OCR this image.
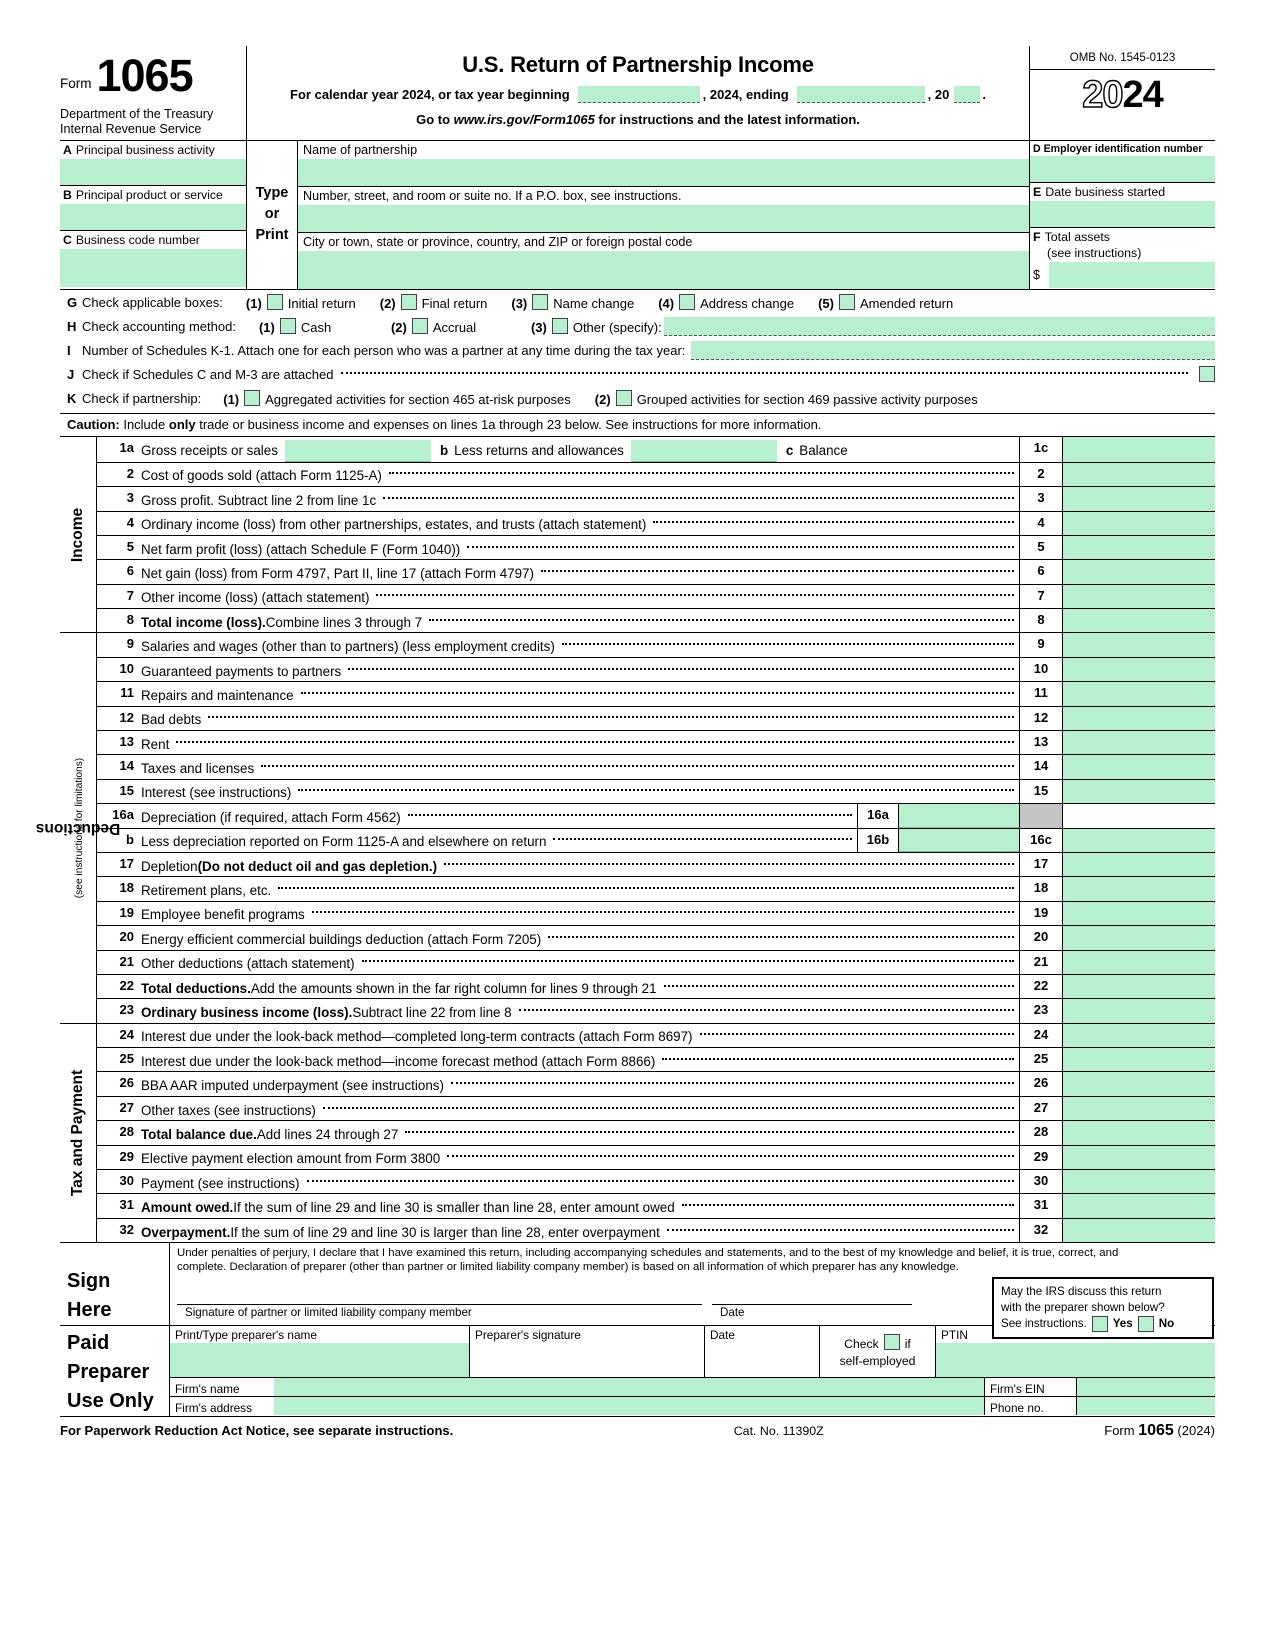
Form 1065
Department of the Treasury
Internal Revenue Service
U.S. Return of Partnership Income
For calendar year 2024, or tax year beginning	, 2024, ending	, 20	.
Go to www.irs.gov/Form1065 for instructions and the latest information.
OMB No. 1545-0123
2024
A Principal business activity
B Principal product or service
C Business code number
Type
or
Print
Name of partnership
Number, street, and room or suite no. If a P.O. box, see instructions.
City or town, state or province, country, and ZIP or foreign postal code
D Employer identification number
E Date business started
F Total assets
(see instructions)
$
G Check applicable boxes: (1) Initial return (2) Final return (3) Name change (4) Address change (5) Amended return
H Check accounting method: (1) Cash	(2) Accrual	(3) Other (specify):
I Number of Schedules K-1. Attach one for each person who was a partner at any time during the tax year:
J Check if Schedules C and M-3 are attached
K Check if partnership: (1) Aggregated activities for section 465 at-risk purposes (2) Grouped activities for section 469 passive activity purposes
Caution: Include only trade or business income and expenses on lines 1a through 23 below. See instructions for more information.
Income
1a Gross receipts or sales	b Less returns and allowances	c Balance	1c
2 Cost of goods sold (attach Form 1125-A)	2
3 Gross profit. Subtract line 2 from line 1c	3
4 Ordinary income (loss) from other partnerships, estates, and trusts (attach statement)	4
5 Net farm profit (loss) (attach Schedule F (Form 1040))	5
6 Net gain (loss) from Form 4797, Part II, line 17 (attach Form 4797)	6
7 Other income (loss) (attach statement)	7
8 Total income (loss). Combine lines 3 through 7	8
Deductions
(see instructions for limitations)
9 Salaries and wages (other than to partners) (less employment credits)	9
10 Guaranteed payments to partners	10
11 Repairs and maintenance	11
12 Bad debts	12
13 Rent	13
14 Taxes and licenses	14
15 Interest (see instructions)	15
16a Depreciation (if required, attach Form 4562)	16a
b Less depreciation reported on Form 1125-A and elsewhere on return	16b	16c
17 Depletion (Do not deduct oil and gas depletion.)	17
18 Retirement plans, etc.	18
19 Employee benefit programs	19
20 Energy efficient commercial buildings deduction (attach Form 7205)	20
21 Other deductions (attach statement)	21
22 Total deductions. Add the amounts shown in the far right column for lines 9 through 21	22
23 Ordinary business income (loss). Subtract line 22 from line 8	23
Tax and Payment
24 Interest due under the look-back method—completed long-term contracts (attach Form 8697)	24
25 Interest due under the look-back method—income forecast method (attach Form 8866)	25
26 BBA AAR imputed underpayment (see instructions)	26
27 Other taxes (see instructions)	27
28 Total balance due. Add lines 24 through 27	28
29 Elective payment election amount from Form 3800	29
30 Payment (see instructions)	30
31 Amount owed. If the sum of line 29 and line 30 is smaller than line 28, enter amount owed	31
32 Overpayment. If the sum of line 29 and line 30 is larger than line 28, enter overpayment	32
Sign
Here
Under penalties of perjury, I declare that I have examined this return, including accompanying schedules and statements, and to the best of my knowledge and belief, it is true, correct, and complete. Declaration of preparer (other than partner or limited liability company member) is based on all information of which preparer has any knowledge.
Signature of partner or limited liability company member	Date
May the IRS discuss this return
with the preparer shown below?
See instructions. Yes No
Paid
Preparer
Use Only
Print/Type preparer's name	Preparer's signature	Date
Check if
self-employed
PTIN
Firm's name	Firm's EIN
Firm's address	Phone no.
For Paperwork Reduction Act Notice, see separate instructions.	Cat. No. 11390Z	Form 1065 (2024)
